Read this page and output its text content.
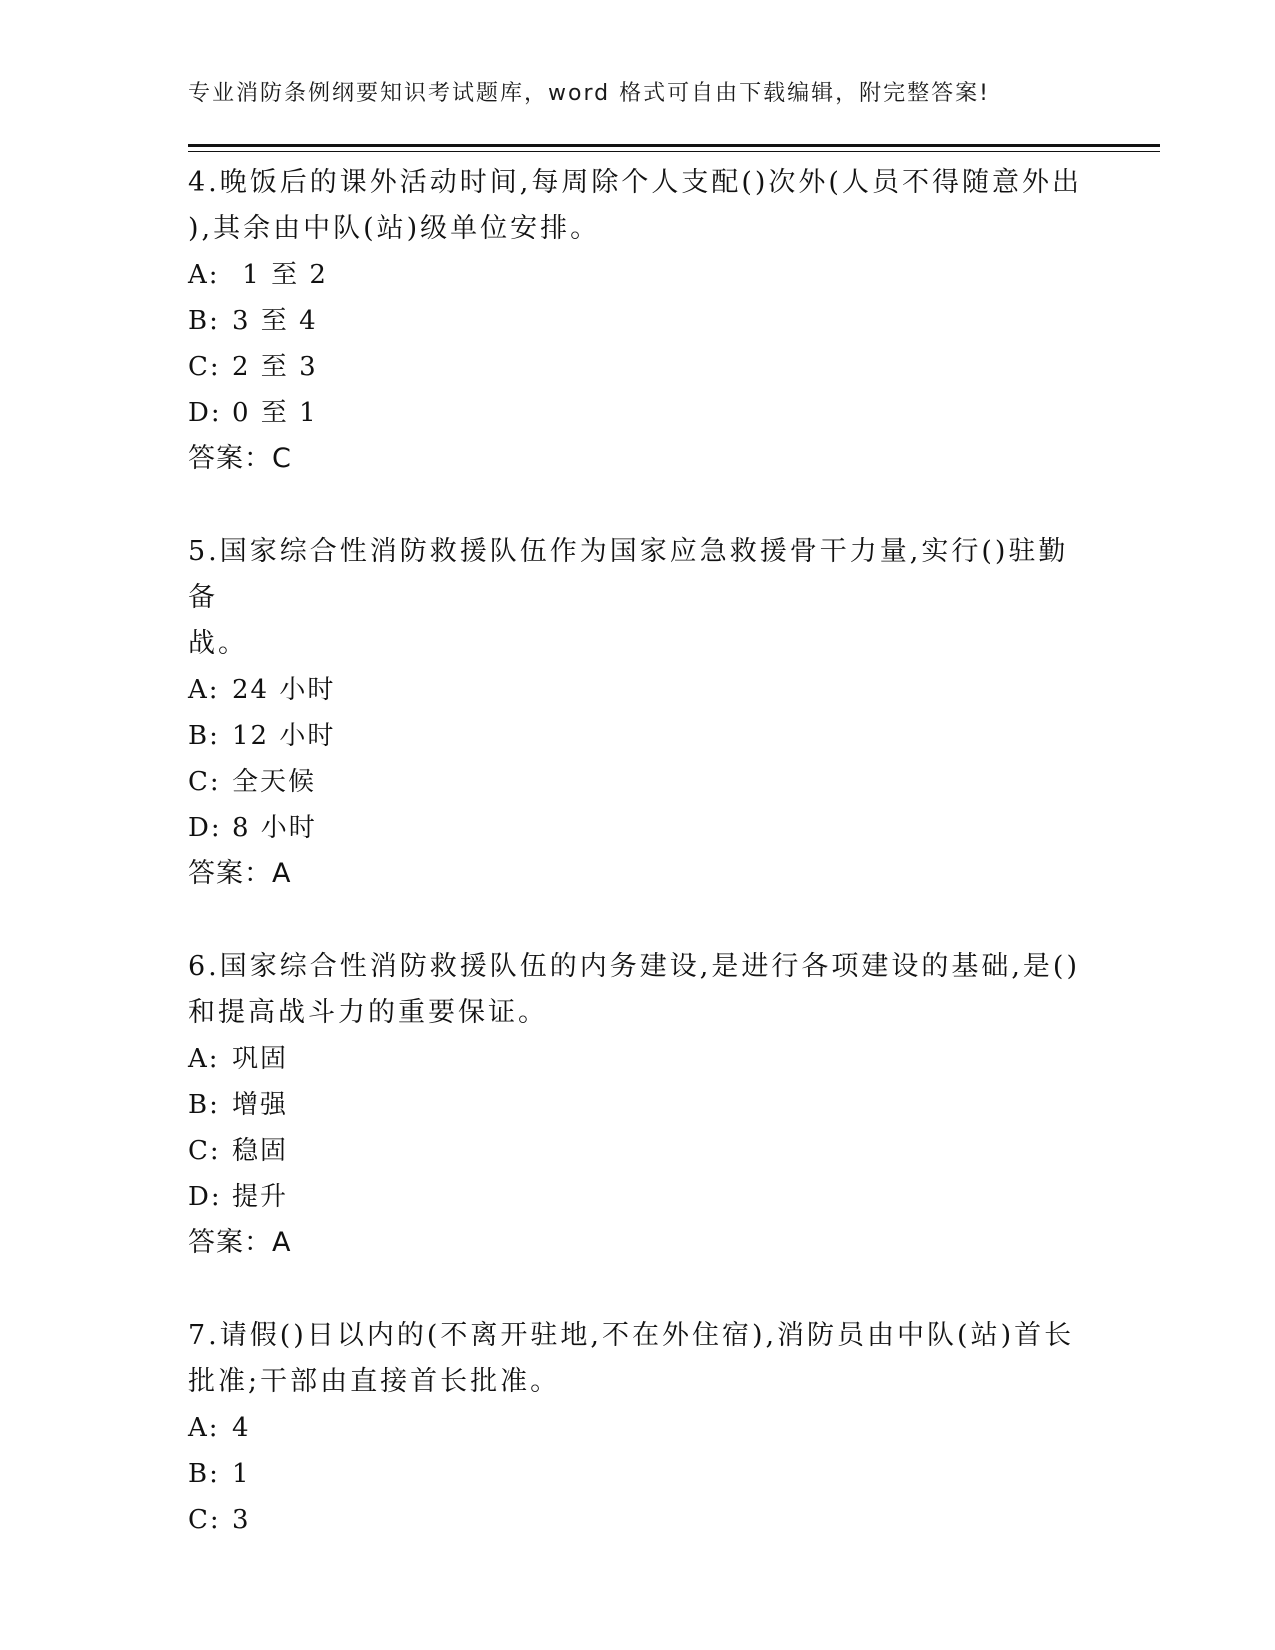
专业消防条例纲要知识考试题库，word 格式可自由下载编辑，附完整答案!

4.晚饭后的课外活动时间,每周除个人支配()次外(人员不得随意外出

),其余由中队(站)级单位安排。

A: 1 至 2
B: 3 至 4
C: 2 至 3
D: 0 至 1
答案：C

5.国家综合性消防救援队伍作为国家应急救援骨干力量,实行()驻勤备

战。

A: 24 小时
B: 12 小时
C: 全天候
D: 8 小时
答案：A

6.国家综合性消防救援队伍的内务建设,是进行各项建设的基础,是()

和提高战斗力的重要保证。

A: 巩固
B: 增强
C: 稳固
D: 提升
答案：A

7.请假()日以内的(不离开驻地,不在外住宿),消防员由中队(站)首长

批准;干部由直接首长批准。

A: 4
B: 1
C: 3
